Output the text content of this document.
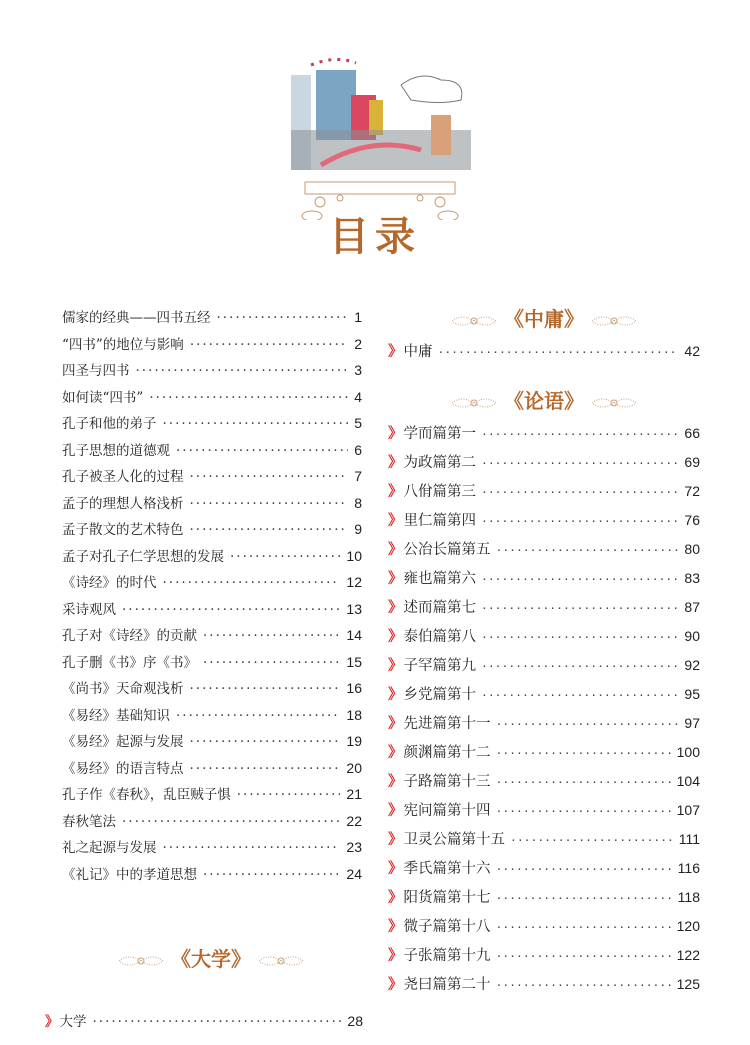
目录
儒家的经典——四书五经 ·····	1
“四书”的地位与影响 ·····	2
四圣与四书 ·····	3
如何读“四书” ·····	4
孔子和他的弟子 ·····	5
孔子思想的道德观 ·····	6
孔子被圣人化的过程 ·····	7
孟子的理想人格浅析 ·····	8
孟子散文的艺术特色 ·····	9
孟子对孔子仁学思想的发展 ·····	10
《诗经》的时代 ·····	12
采诗观风 ·····	13
孔子对《诗经》的贡献 ·····	14
孔子删《书》序《书》 ·····	15
《尚书》天命观浅析 ·····	16
《易经》基础知识 ·····	18
《易经》起源与发展 ·····	19
《易经》的语言特点 ·····	20
孔子作《春秋》，乱臣贼子惧 ·····	21
春秋笔法 ·····	22
礼之起源与发展 ·····	23
《礼记》中的孝道思想 ·····	24
《大学》
》 大学 ·····	28
《中庸》
》 中庸 ·····	42
《论语》
》 学而篇第一 ·····	66
》 为政篇第二 ·····	69
》 八佾篇第三 ·····	72
》 里仁篇第四 ·····	76
》 公冶长篇第五 ·····	80
》 雍也篇第六 ·····	83
》 述而篇第七 ·····	87
》 泰伯篇第八 ·····	90
》 子罕篇第九 ·····	92
》 乡党篇第十 ·····	95
》 先进篇第十一 ·····	97
》 颜渊篇第十二 ·····	100
》 子路篇第十三 ·····	104
》 宪问篇第十四 ·····	107
》 卫灵公篇第十五 ·····	111
》 季氏篇第十六 ·····	116
》 阳货篇第十七 ·····	118
》 微子篇第十八 ·····	120
》 子张篇第十九 ·····	122
》 尧曰篇第二十 ·····	125
